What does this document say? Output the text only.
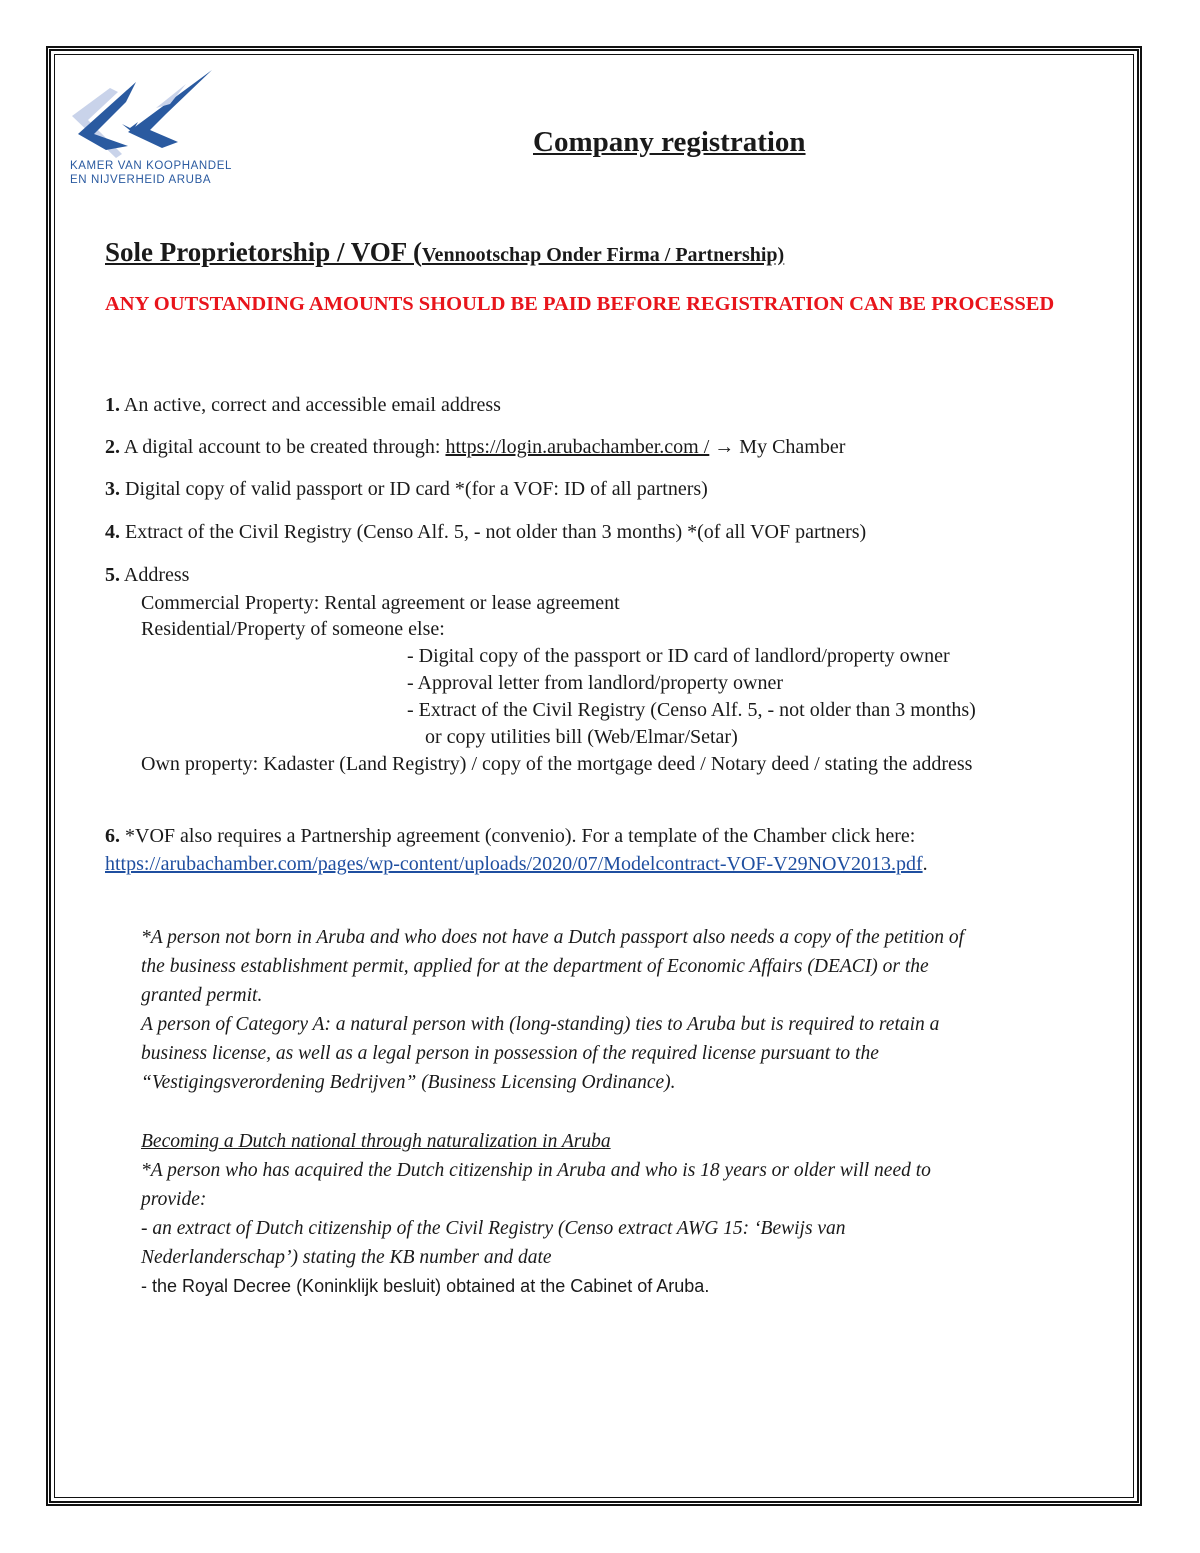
KAMER VAN KOOPHANDEL
EN NIJVERHEID ARUBA
Company registration
Sole Proprietorship / VOF (Vennootschap Onder Firma / Partnership)

ANY OUTSTANDING AMOUNTS SHOULD BE PAID BEFORE REGISTRATION CAN BE PROCESSED

1. An active, correct and accessible email address

2. A digital account to be created through: https://login.arubachamber.com / → My Chamber

3. Digital copy of valid passport or ID card *(for a VOF: ID of all partners)

4. Extract of the Civil Registry (Censo Alf. 5, - not older than 3 months) *(of all VOF partners)

5. Address

Commercial Property: Rental agreement or lease agreement

Residential/Property of someone else:

- Digital copy of the passport or ID card of landlord/property owner

- Approval letter from landlord/property owner

- Extract of the Civil Registry (Censo Alf. 5, - not older than 3 months)

or copy utilities bill (Web/Elmar/Setar)

Own property: Kadaster (Land Registry) / copy of the mortgage deed / Notary deed / stating the address

6. *VOF also requires a Partnership agreement (convenio). For a template of the Chamber click here:

https://arubachamber.com/pages/wp-content/uploads/2020/07/Modelcontract-VOF-V29NOV2013.pdf.

*A person not born in Aruba and who does not have a Dutch passport also needs a copy of the petition of

the business establishment permit, applied for at the department of Economic Affairs (DEACI) or the

granted permit.

A person of Category A: a natural person with (long-standing) ties to Aruba but is required to retain a

business license, as well as a legal person in possession of the required license pursuant to the

“Vestigingsverordening Bedrijven” (Business Licensing Ordinance).

Becoming a Dutch national through naturalization in Aruba

*A person who has acquired the Dutch citizenship in Aruba and who is 18 years or older will need to

provide:

- an extract of Dutch citizenship of the Civil Registry (Censo extract AWG 15: ‘Bewijs van

Nederlanderschap’) stating the KB number and date

- the Royal Decree (Koninklijk besluit) obtained at the Cabinet of Aruba.
